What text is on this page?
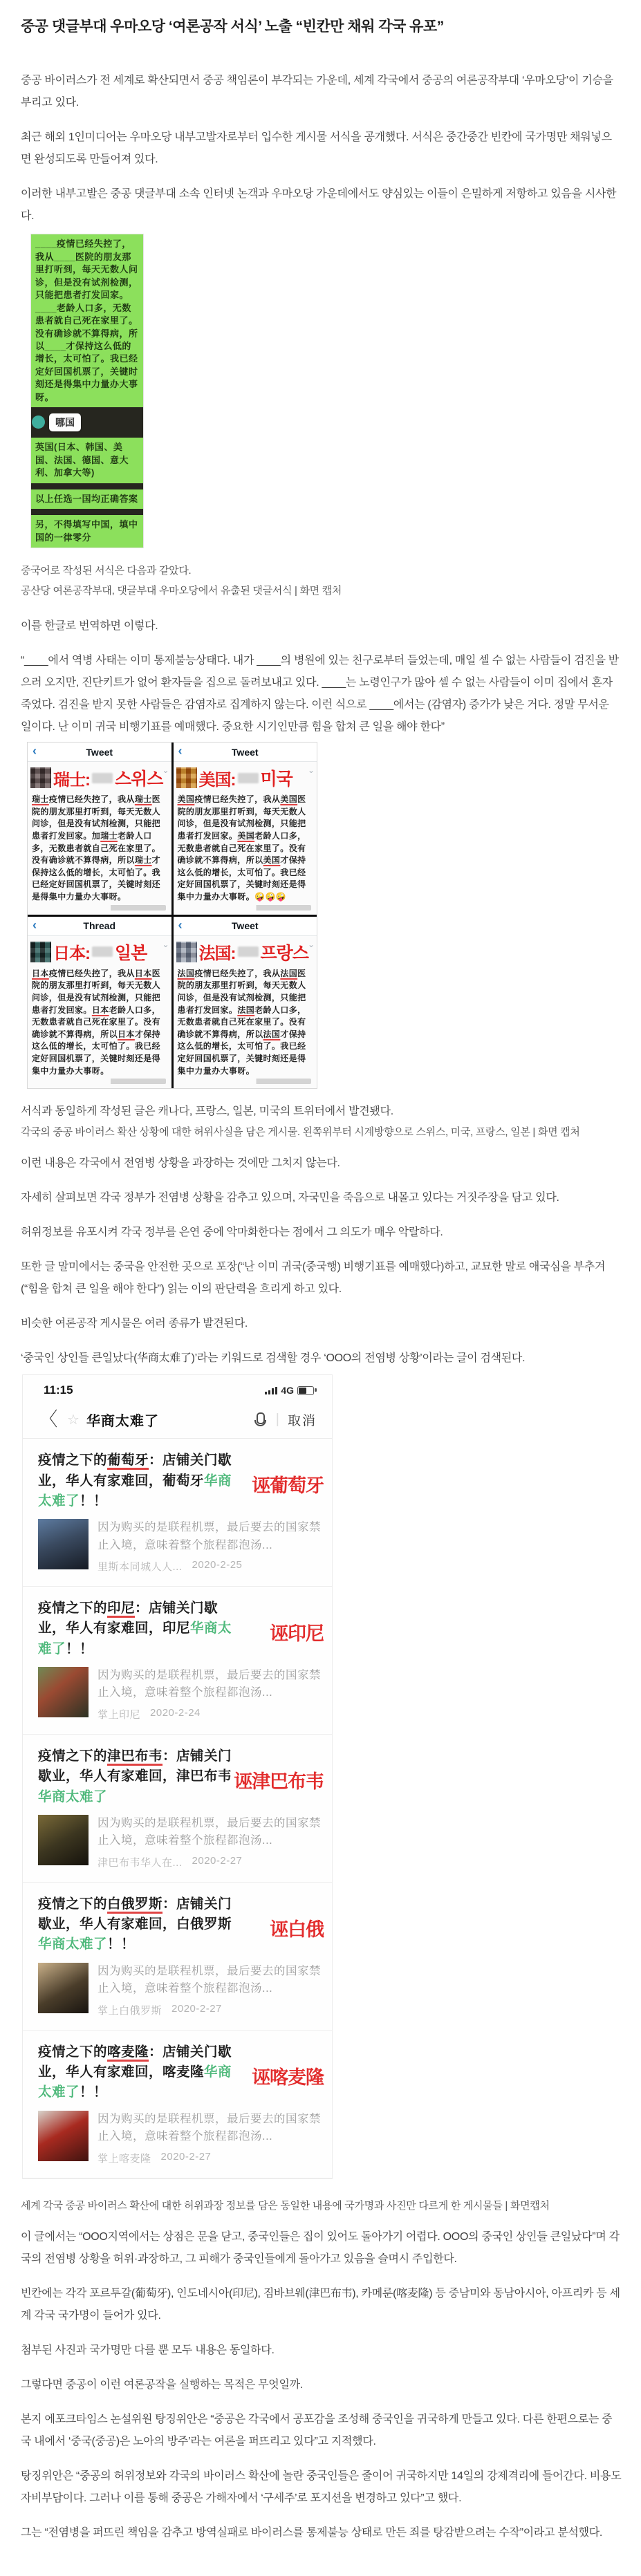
중공 댓글부대 우마오당 ‘여론공작 서식’ 노출 “빈칸만 채워 각국 유포”

중공 바이러스가 전 세계로 확산되면서 중공 책임론이 부각되는 가운데, 세계 각국에서 중공의 여론공작부대 ‘우마오당’이 기승을 부리고 있다.

최근 해외 1인미디어는 우마오당 내부고발자로부터 입수한 게시물 서식을 공개했다. 서식은 중간중간 빈칸에 국가명만 채워넣으면 완성되도록 만들어져 있다.

이러한 내부고발은 중공 댓글부대 소속 인터넷 논객과 우마오당 가운데에서도 양심있는 이들이 은밀하게 저항하고 있음을 시사한다.

____疫情已经失控了，我从____医院的朋友那里打听到，每天无数人问诊，但是没有试剂检测，只能把患者打发回家。____老龄人口多，无数患者就自己死在家里了。没有确诊就不算得病，所以____才保持这么低的增长，太可怕了。我已经定好回国机票了，关键时刻还是得集中力量办大事呀。
哪国
英国(日本、韩国、美国、法国、德国、意大利、加拿大等)
以上任选一国均正确答案
另，不得填写中国，填中国的一律零分

중국어로 작성된 서식은 다음과 같았다.

공산당 여론공작부대, 댓글부대 우마오당에서 유출된 댓글서식 | 화면 캡처

이를 한글로 번역하면 이렇다.

“____에서 역병 사태는 이미 통제불능상태다. 내가 ____의 병원에 있는 친구로부터 들었는데, 매일 셀 수 없는 사람들이 검진을 받으러 오지만, 진단키트가 없어 환자들을 집으로 돌려보내고 있다. ____는 노령인구가 많아 셀 수 없는 사람들이 이미 집에서 혼자 죽었다. 검진을 받지 못한 사람들은 감염자로 집계하지 않는다. 이런 식으로 ____에서는 (감염자) 증가가 낮은 거다. 정말 무서운 일이다. 난 이미 귀국 비행기표를 예매했다. 중요한 시기인만큼 힘을 합쳐 큰 일을 해야 한다”

‹	Tweet
⌄
瑞士: 스위스
瑞士疫情已经失控了，我从瑞士医院的朋友那里打听到，每天无数人问诊，但是没有试剂检测，只能把患者打发回家。加瑞士老龄人口多，无数患者就自己死在家里了。没有确诊就不算得病，所以瑞士才保持这么低的增长，太可怕了。我已经定好回国机票了，关键时刻还是得集中力量办大事呀。
‹	Tweet
⌄
美国: 미국
美国疫情已经失控了，我从美国医院的朋友那里打听到，每天无数人问诊，但是没有试剂检测，只能把患者打发回家。美国老龄人口多，无数患者就自己死在家里了。没有确诊就不算得病，所以美国才保持这么低的增长，太可怕了。我已经定好回国机票了，关键时刻还是得集中力量办大事呀。🤪🤪🤪
‹	Thread
⌄
日本: 일본
日本疫情已经失控了，我从日本医院的朋友那里打听到，每天无数人问诊，但是没有试剂检测，只能把患者打发回家。日本老龄人口多，无数患者就自己死在家里了。没有确诊就不算得病，所以日本才保持这么低的增长，太可怕了。我已经定好回国机票了，关键时刻还是得集中力量办大事呀。
‹	Tweet
⌄
法国: 프랑스
法国疫情已经失控了，我从法国医院的朋友那里打听到，每天无数人问诊，但是没有试剂检测，只能把患者打发回家。法国老龄人口多，无数患者就自己死在家里了。没有确诊就不算得病，所以法国才保持这么低的增长，太可怕了。我已经定好回国机票了，关键时刻还是得集中力量办大事呀。

서식과 동일하게 작성된 글은 캐나다, 프랑스, 일본, 미국의 트위터에서 발견됐다.

각국의 중공 바이러스 확산 상황에 대한 허위사실을 담은 게시물. 왼쪽위부터 시계방향으로 스위스, 미국, 프랑스, 일본 | 화면 캡처

이런 내용은 각국에서 전염병 상황을 과장하는 것에만 그치지 않는다.

자세히 살펴보면 각국 정부가 전염병 상황을 감추고 있으며, 자국민을 죽음으로 내몰고 있다는 거짓주장을 담고 있다.

허위정보를 유포시켜 각국 정부를 은연 중에 악마화한다는 점에서 그 의도가 매우 악랄하다.

또한 글 말미에서는 중국을 안전한 곳으로 포장(“난 이미 귀국(중국행) 비행기표를 예매했다)하고, 교묘한 말로 애국심을 부추겨(“힘을 합쳐 큰 일을 해야 한다”) 읽는 이의 판단력을 흐리게 하고 있다.

비슷한 여론공작 게시물은 여러 종류가 발견된다.

‘중국인 상인들 큰일났다(华商太难了)’라는 키워드로 검색할 경우 ‘OOO의 전염병 상황’이라는 글이 검색된다.

11:15	4G
〈 ☆ 华商太难了	| 取消
疫情之下的葡萄牙：店铺关门歇业，华人有家难回，葡萄牙华商太难了！！
诬葡萄牙
因为购买的是联程机票，最后要去的国家禁止入境，意味着整个旅程都泡汤...
里斯本同城人人... 2020-2-25
疫情之下的印尼：店铺关门歇业，华人有家难回，印尼华商太难了！！
诬印尼
因为购买的是联程机票，最后要去的国家禁止入境，意味着整个旅程都泡汤...
掌上印尼 2020-2-24
疫情之下的津巴布韦：店铺关门歇业，华人有家难回，津巴布韦华商太难了
诬津巴布韦
因为购买的是联程机票，最后要去的国家禁止入境，意味着整个旅程都泡汤...
津巴布韦华人在... 2020-2-27
疫情之下的白俄罗斯：店铺关门歇业，华人有家难回，白俄罗斯华商太难了！！
诬白俄
因为购买的是联程机票，最后要去的国家禁止入境，意味着整个旅程都泡汤...
掌上白俄罗斯 2020-2-27
疫情之下的喀麦隆：店铺关门歇业，华人有家难回，喀麦隆华商太难了！！
诬喀麦隆
因为购买的是联程机票，最后要去的国家禁止入境，意味着整个旅程都泡汤...
掌上喀麦隆 2020-2-27

세계 각국 중공 바이러스 확산에 대한 허위과장 정보를 담은 동일한 내용에 국가명과 사진만 다르게 한 게시물들 | 화면캡처

이 글에서는 “OOO지역에서는 상점은 문을 닫고, 중국인들은 집이 있어도 돌아가기 어렵다. OOO의 중국인 상인들 큰일났다”며 각국의 전염병 상황을 허위·과장하고, 그 피해가 중국인들에게 돌아가고 있음을 슬며시 주입한다.

빈칸에는 각각 포르투갈(葡萄牙), 인도네시아(印尼), 짐바브웨(津巴布韦), 카메룬(喀麦隆) 등 중남미와 동남아시아, 아프리카 등 세계 각국 국가명이 들어가 있다.

첨부된 사진과 국가명만 다를 뿐 모두 내용은 동일하다.

그렇다면 중공이 이런 여론공작을 실행하는 목적은 무엇일까.

본지 에포크타임스 논설위원 탕징위안은 “중공은 각국에서 공포감을 조성해 중국인을 귀국하게 만들고 있다. 다른 한편으로는 중국 내에서 ‘중국(중공)은 노아의 방주’라는 여론을 퍼뜨리고 있다”고 지적했다.

탕징위안은 “중공의 허위정보와 각국의 바이러스 확산에 놀란 중국인들은 줄이어 귀국하지만 14일의 강제격리에 들어간다. 비용도 자비부담이다. 그러나 이를 통해 중공은 가해자에서 ‘구세주’로 포지션을 변경하고 있다”고 했다.

그는 “전염병을 퍼뜨린 책임을 감추고 방역실패로 바이러스를 통제불능 상태로 만든 죄를 탕감받으려는 수작”이라고 분석했다.
